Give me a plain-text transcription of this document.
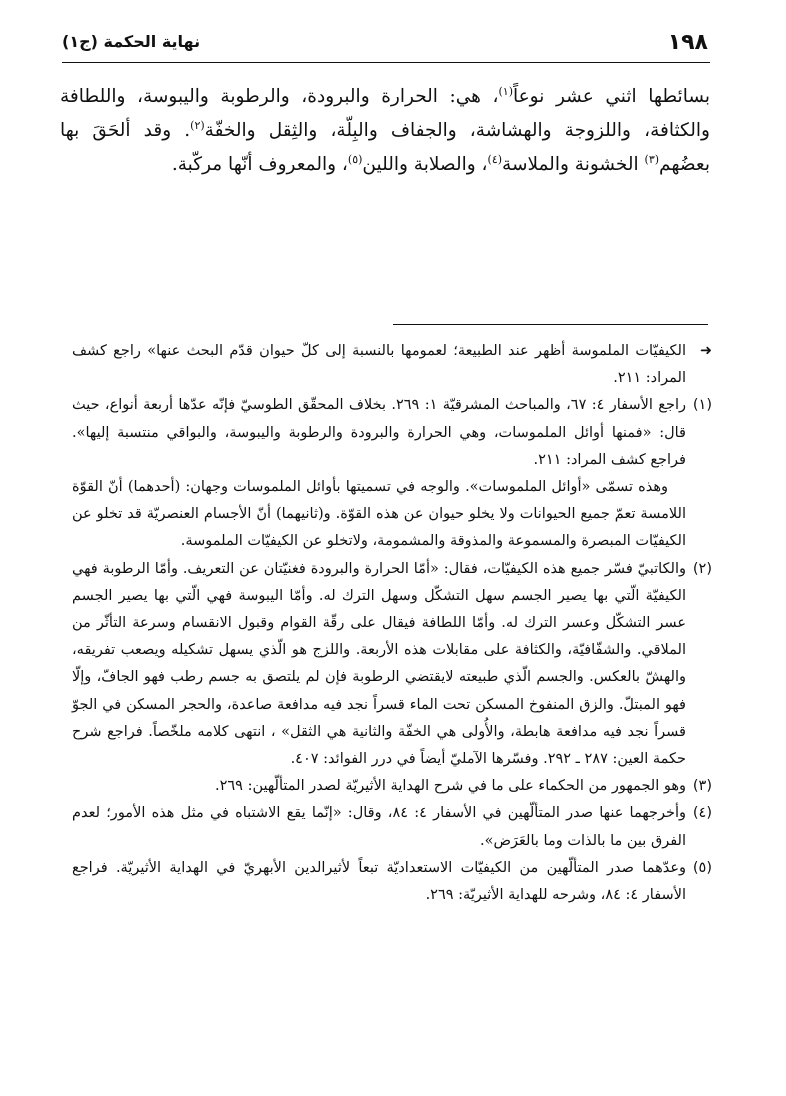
١٩٨
نهاية الحكمة (ج١)

بسائطها اثني عشر نوعاً$^{(١)}$، هي: الحرارة والبرودة، والرطوبة واليبوسة، واللطافة والكثافة، واللزوجة والهشاشة، والجفاف والبِلّة، والثِقل والخفّة$^{(٢)}$. وقد ألحَقَ بها بعضُهم$^{(٣)}$ الخشونة والملاسة$^{(٤)}$، والصلابة واللين$^{(٥)}$، والمعروف أنّها مركّبة.

➜

الكيفيّات الملموسة أظهر عند الطبيعة؛ لعمومها بالنسبة إلى كلّ حيوان قدّم البحث عنها» راجع كشف المراد: ٢١١.

(١)

راجع الأسفار ٤: ٦٧، والمباحث المشرقيّة ١: ٢٦٩. بخلاف المحقّق الطوسيّ فإنّه عدّها أربعة أنواع، حيث قال: «فمنها أوائل الملموسات، وهي الحرارة والبرودة والرطوبة واليبوسة، والبواقي منتسبة إليها». فراجع كشف المراد: ٢١١.

وهذه تسمّى «أوائل الملموسات». والوجه في تسميتها بأوائل الملموسات وجهان: (أحدهما) أنّ القوّة اللامسة تعمّ جميع الحيوانات ولا يخلو حيوان عن هذه القوّة. و(ثانيهما) أنّ الأجسام العنصريّة قد تخلو عن الكيفيّات المبصرة والمسموعة والمذوقة والمشمومة، ولاتخلو عن الكيفيّات الملموسة.

(٢)

والكاتبيّ فسّر جميع هذه الكيفيّات، فقال: «أمّا الحرارة والبرودة فغنيّتان عن التعريف. وأمّا الرطوبة فهي الكيفيّة الّتي بها يصير الجسم سهل التشكّل وسهل الترك له. وأمّا اليبوسة فهي الّتي بها يصير الجسم عسر التشكّل وعسر الترك له. وأمّا اللطافة فيقال على رقّة القوام وقبول الانقسام وسرعة التأثّر من الملاقي. والشفّافيّة، والكثافة على مقابلات هذه الأربعة. واللزج هو الّذي يسهل تشكيله ويصعب تفريقه، والهشّ بالعكس. والجسم الّذي طبيعته لايقتضي الرطوبة فإن لم يلتصق به جسم رطب فهو الجافّ، وإلّا فهو المبتلّ. والزق المنفوخ المسكن تحت الماء قسراً نجد فيه مدافعة صاعدة، والحجر المسكن في الجوّ قسراً نجد فيه مدافعة هابطة، والأُولى هي الخفّة والثانية هي الثقل» ، انتهى كلامه ملخّصاً. فراجع شرح حكمة العين: ٢٨٧ ـ ٢٩٢. وفسّرها الآمليّ أيضاً في درر الفوائد: ٤٠٧.

(٣)

وهو الجمهور من الحكماء على ما في شرح الهداية الأثيريّة لصدر المتألّهين: ٢٦٩.

(٤)

وأخرجهما عنها صدر المتألّهين في الأسفار ٤: ٨٤، وقال: «إنّما يقع الاشتباه في مثل هذه الأمور؛ لعدم الفرق بين ما بالذات وما بالعَرَض».

(٥)

وعدّهما صدر المتألّهين من الكيفيّات الاستعداديّة تبعاً لأثيرالدين الأبهريّ في الهداية الأثيريّة. فراجع الأسفار ٤: ٨٤، وشرحه للهداية الأثيريّة: ٢٦٩.
